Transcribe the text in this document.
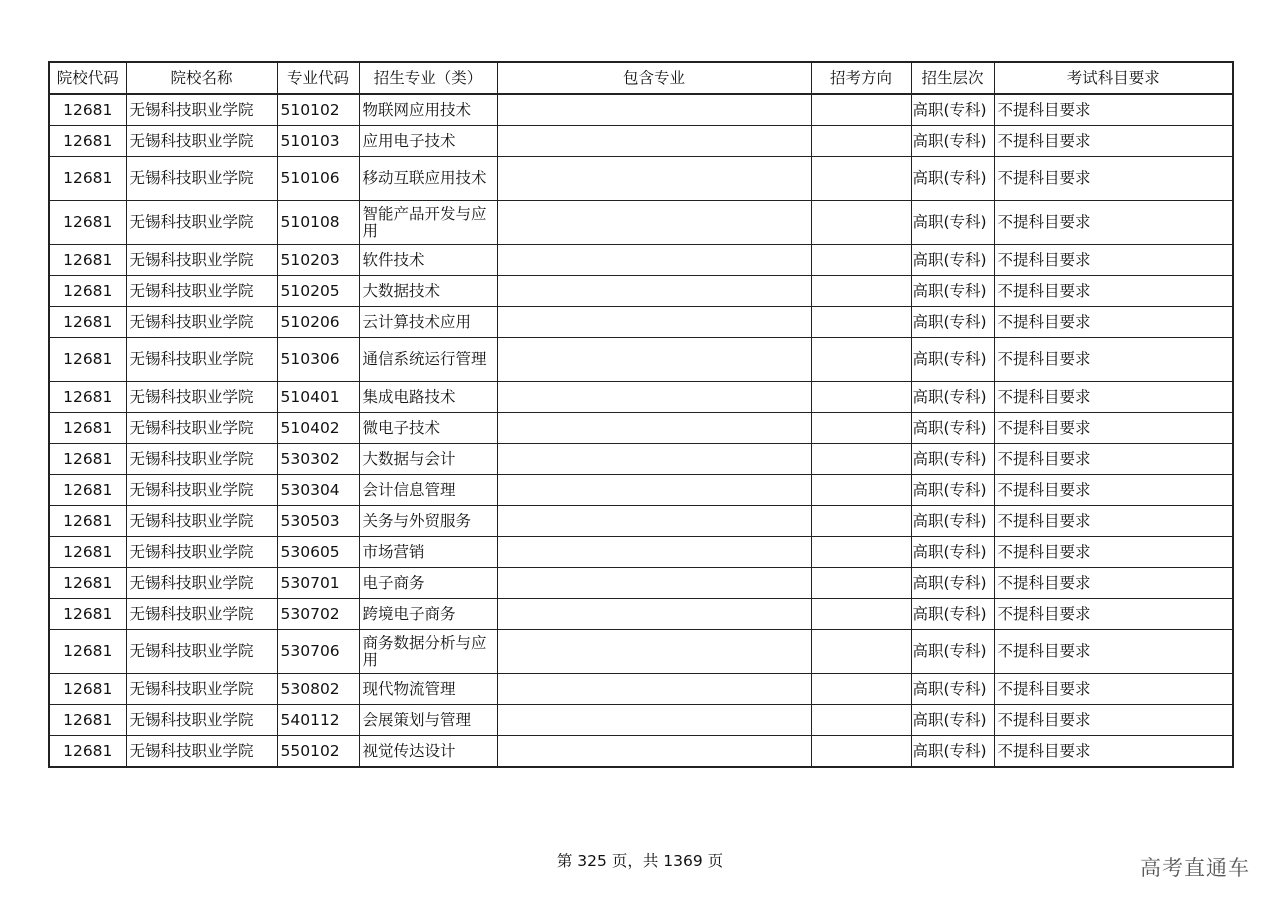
院校代码	院校名称	专业代码	招生专业（类）	包含专业	招考方向	招生层次	考试科目要求
12681	无锡科技职业学院	510102	物联网应用技术			高职(专科)	不提科目要求
12681	无锡科技职业学院	510103	应用电子技术			高职(专科)	不提科目要求
12681	无锡科技职业学院	510106	移动互联应用技术			高职(专科)	不提科目要求
12681	无锡科技职业学院	510108	智能产品开发与应用			高职(专科)	不提科目要求
12681	无锡科技职业学院	510203	软件技术			高职(专科)	不提科目要求
12681	无锡科技职业学院	510205	大数据技术			高职(专科)	不提科目要求
12681	无锡科技职业学院	510206	云计算技术应用			高职(专科)	不提科目要求
12681	无锡科技职业学院	510306	通信系统运行管理			高职(专科)	不提科目要求
12681	无锡科技职业学院	510401	集成电路技术			高职(专科)	不提科目要求
12681	无锡科技职业学院	510402	微电子技术			高职(专科)	不提科目要求
12681	无锡科技职业学院	530302	大数据与会计			高职(专科)	不提科目要求
12681	无锡科技职业学院	530304	会计信息管理			高职(专科)	不提科目要求
12681	无锡科技职业学院	530503	关务与外贸服务			高职(专科)	不提科目要求
12681	无锡科技职业学院	530605	市场营销			高职(专科)	不提科目要求
12681	无锡科技职业学院	530701	电子商务			高职(专科)	不提科目要求
12681	无锡科技职业学院	530702	跨境电子商务			高职(专科)	不提科目要求
12681	无锡科技职业学院	530706	商务数据分析与应用			高职(专科)	不提科目要求
12681	无锡科技职业学院	530802	现代物流管理			高职(专科)	不提科目要求
12681	无锡科技职业学院	540112	会展策划与管理			高职(专科)	不提科目要求
12681	无锡科技职业学院	550102	视觉传达设计			高职(专科)	不提科目要求
第 325 页，共 1369 页	高考直通车
